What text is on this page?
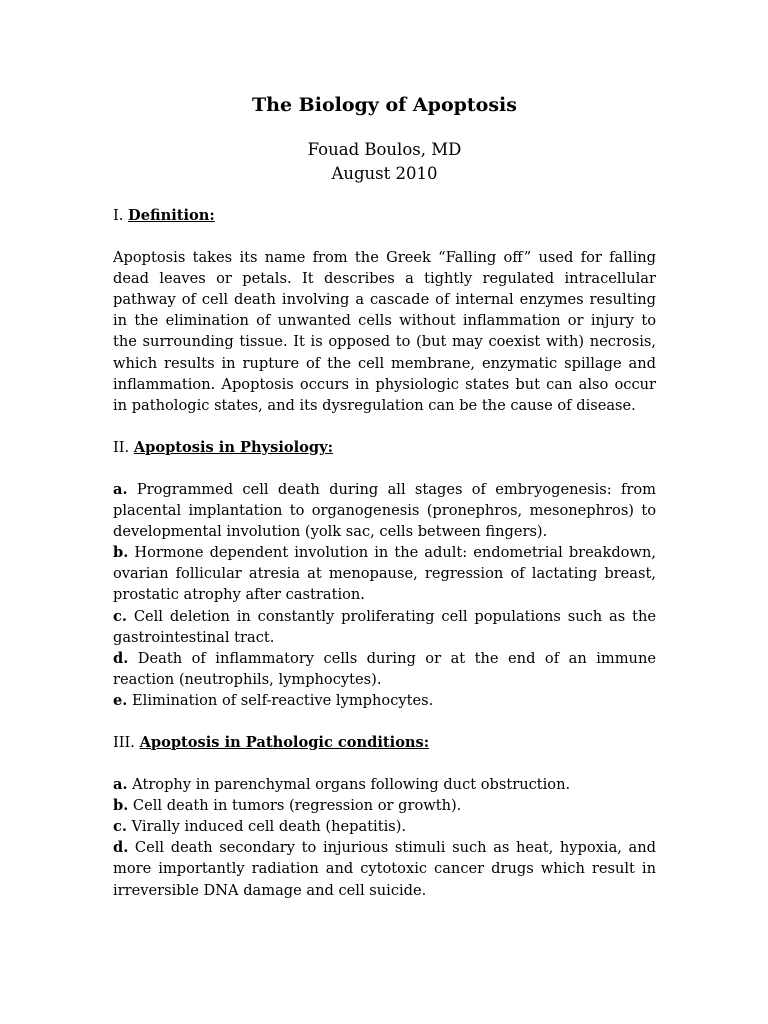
The Biology of Apoptosis
Fouad Boulos, MD
August 2010
I. Definition:
Apoptosis takes its name from the Greek “Falling off” used for falling dead leaves or petals. It describes a tightly regulated intracellular pathway of cell death involving a cascade of internal enzymes resulting in the elimination of unwanted cells without inflammation or injury to the surrounding tissue. It is opposed to (but may coexist with) necrosis, which results in rupture of the cell membrane, enzymatic spillage and inflammation. Apoptosis occurs in physiologic states but can also occur in pathologic states, and its dysregulation can be the cause of disease.
II. Apoptosis in Physiology:
a. Programmed cell death during all stages of embryogenesis: from placental implantation to organogenesis (pronephros, mesonephros) to developmental involution (yolk sac, cells between fingers).
b. Hormone dependent involution in the adult: endometrial breakdown, ovarian follicular atresia at menopause, regression of lactating breast, prostatic atrophy after castration.
c. Cell deletion in constantly proliferating cell populations such as the gastrointestinal tract.
d. Death of inflammatory cells during or at the end of an immune reaction (neutrophils, lymphocytes).
e. Elimination of self-reactive lymphocytes.
III. Apoptosis in Pathologic conditions:
a. Atrophy in parenchymal organs following duct obstruction.
b. Cell death in tumors (regression or growth).
c. Virally induced cell death (hepatitis).
d. Cell death secondary to injurious stimuli such as heat, hypoxia, and more importantly radiation and cytotoxic cancer drugs which result in irreversible DNA damage and cell suicide.
